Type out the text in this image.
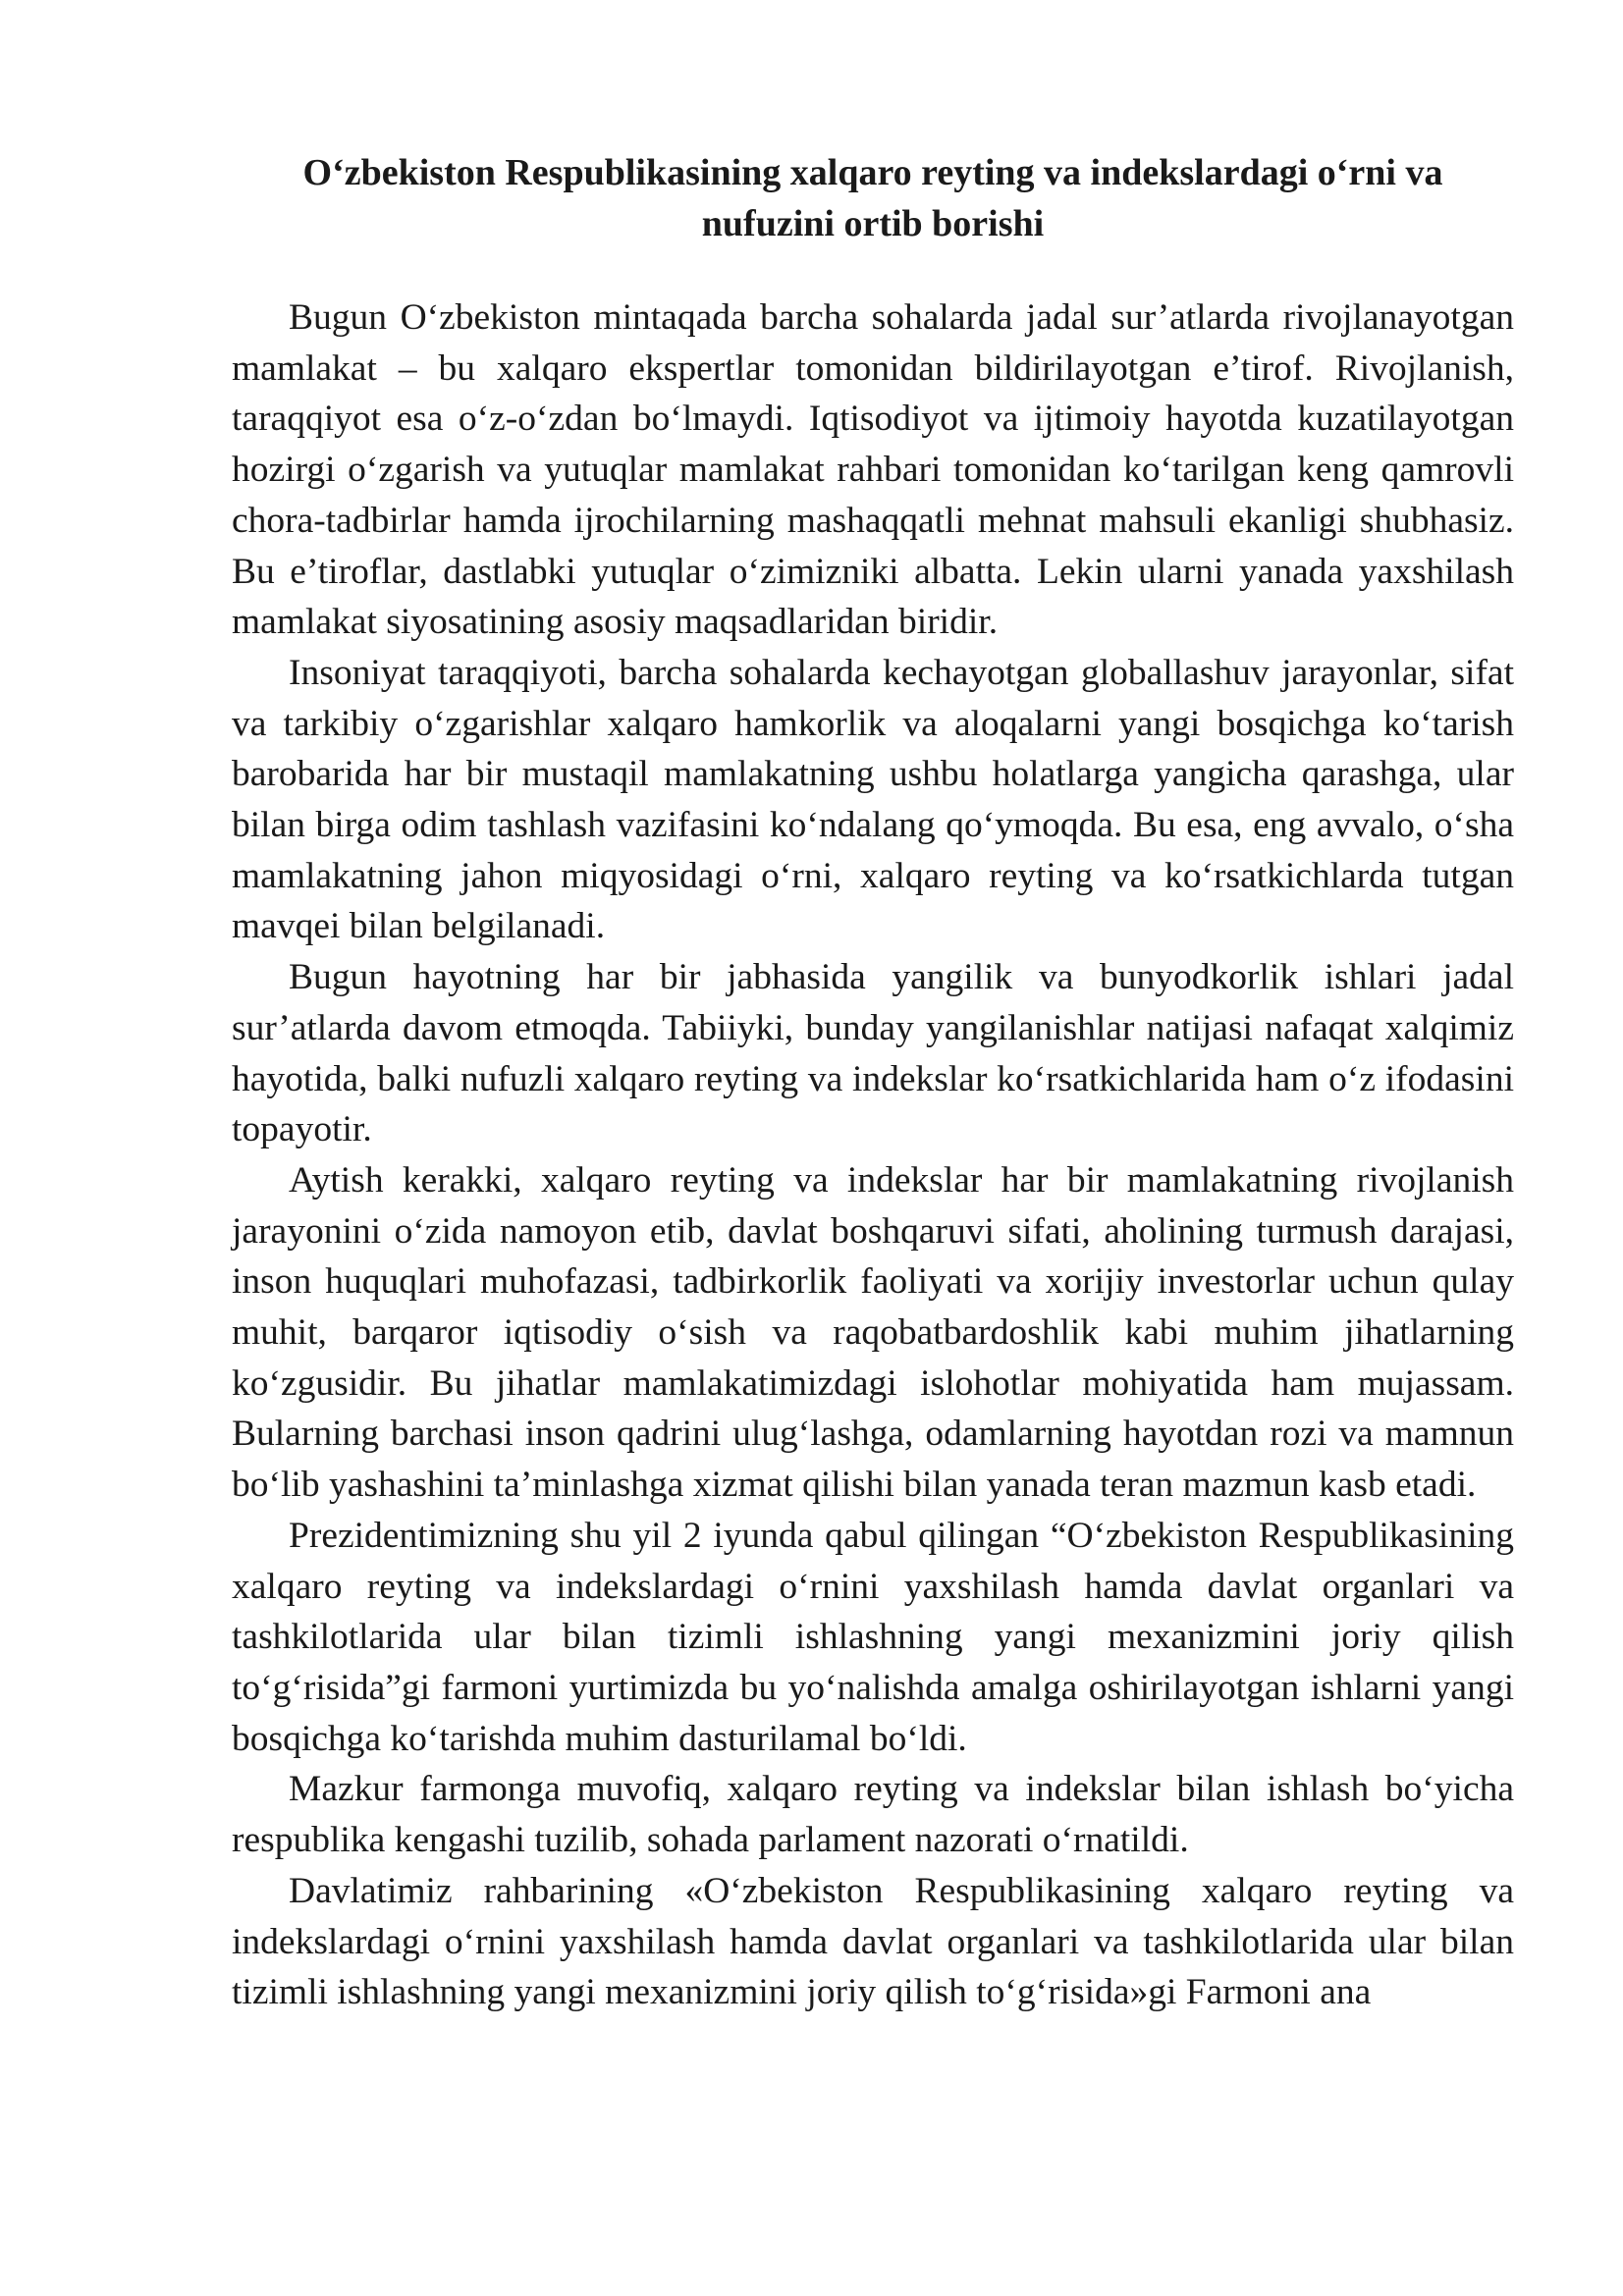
O‘zbekiston Respublikasining xalqaro reyting va indekslardagi o‘rni va nufuzini ortib borishi

Bugun O‘zbekiston mintaqada barcha sohalarda jadal sur’atlarda rivojlanayotgan mamlakat – bu xalqaro ekspertlar tomonidan bildirilayotgan e’tirof. Rivojlanish, taraqqiyot esa o‘z-o‘zdan bo‘lmaydi. Iqtisodiyot va ijtimoiy hayotda kuzatilayotgan hozirgi o‘zgarish va yutuqlar mamlakat rahbari tomonidan ko‘tarilgan keng qamrovli chora-tadbirlar hamda ijrochilarning mashaqqatli mehnat mahsuli ekanligi shubhasiz. Bu e’tiroflar, dastlabki yutuqlar o‘zimizniki albatta. Lekin ularni yanada yaxshilash mamlakat siyosatining asosiy maqsadlaridan biridir.

Insoniyat taraqqiyoti, barcha sohalarda kechayotgan globallashuv jarayonlar, sifat va tarkibiy o‘zgarishlar xalqaro hamkorlik va aloqalarni yangi bosqichga ko‘tarish barobarida har bir mustaqil mamlakatning ushbu holatlarga yangicha qarashga, ular bilan birga odim tashlash vazifasini ko‘ndalang qo‘ymoqda. Bu esa, eng avvalo, o‘sha mamlakatning jahon miqyosidagi o‘rni, xalqaro reyting va ko‘rsatkichlarda tutgan mavqei bilan belgilanadi.

Bugun hayotning har bir jabhasida yangilik va bunyodkorlik ishlari jadal sur’atlarda davom etmoqda. Tabiiyki, bunday yangilanishlar natijasi nafaqat xalqimiz hayotida, balki nufuzli xalqaro reyting va indekslar ko‘rsatkichlarida ham o‘z ifodasini topayotir.

Aytish kerakki, xalqaro reyting va indekslar har bir mamlakatning rivojlanish jarayonini o‘zida namoyon etib, davlat boshqaruvi sifati, aholining turmush darajasi, inson huquqlari muhofazasi, tadbirkorlik faoliyati va xorijiy investorlar uchun qulay muhit, barqaror iqtisodiy o‘sish va raqobatbardoshlik kabi muhim jihatlarning ko‘zgusidir. Bu jihatlar mamlakatimizdagi islohotlar mohiyatida ham mujassam. Bularning barchasi inson qadrini ulug‘lashga, odamlarning hayotdan rozi va mamnun bo‘lib yashashini ta’minlashga xizmat qilishi bilan yanada teran mazmun kasb etadi.

Prezidentimizning shu yil 2 iyunda qabul qilingan “O‘zbekiston Respublikasining xalqaro reyting va indekslardagi o‘rnini yaxshilash hamda davlat organlari va tashkilotlarida ular bilan tizimli ishlashning yangi mexanizmini joriy qilish to‘g‘risida”gi farmoni yurtimizda bu yo‘nalishda amalga oshirilayotgan ishlarni yangi bosqichga ko‘tarishda muhim dasturilamal bo‘ldi.

Mazkur farmonga muvofiq, xalqaro reyting va indekslar bilan ishlash bo‘yicha respublika kengashi tuzilib, sohada parlament nazorati o‘rnatildi.

Davlatimiz rahbarining «O‘zbekiston Respublikasining xalqaro reyting va indekslardagi o‘rnini yaxshilash hamda davlat organlari va tashkilotlarida ular bilan tizimli ishlashning yangi mexanizmini joriy qilish to‘g‘risida»gi Farmoni ana
